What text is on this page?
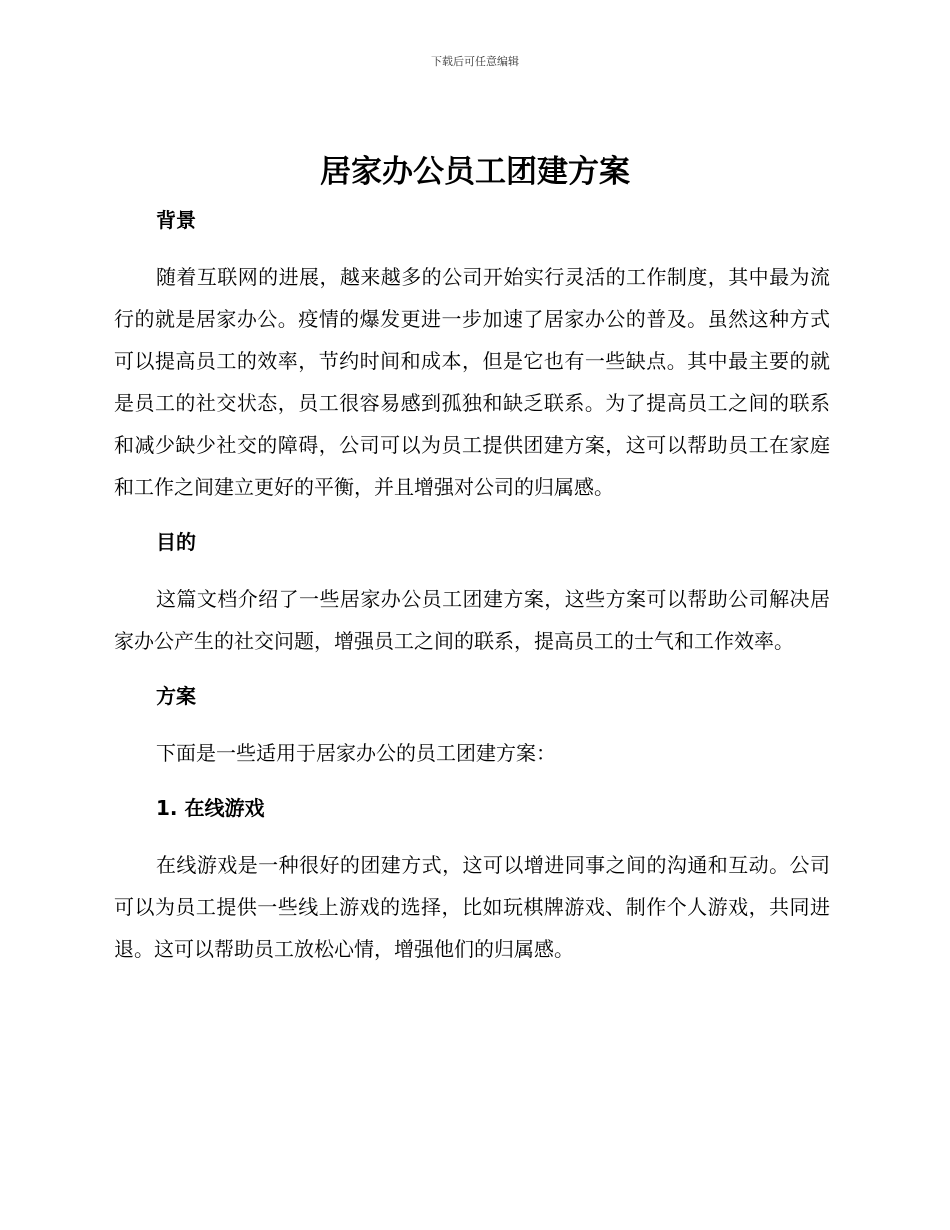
下载后可任意编辑
居家办公员工团建方案
背景

随着互联网的进展，越来越多的公司开始实行灵活的工作制度，其中最为流行的就是居家办公。疫情的爆发更进一步加速了居家办公的普及。虽然这种方式可以提高员工的效率，节约时间和成本，但是它也有一些缺点。其中最主要的就是员工的社交状态，员工很容易感到孤独和缺乏联系。为了提高员工之间的联系和减少缺少社交的障碍，公司可以为员工提供团建方案，这可以帮助员工在家庭和工作之间建立更好的平衡，并且增强对公司的归属感。

目的

这篇文档介绍了一些居家办公员工团建方案，这些方案可以帮助公司解决居家办公产生的社交问题，增强员工之间的联系，提高员工的士气和工作效率。

方案

下面是一些适用于居家办公的员工团建方案：

1. 在线游戏

在线游戏是一种很好的团建方式，这可以增进同事之间的沟通和互动。公司可以为员工提供一些线上游戏的选择，比如玩棋牌游戏、制作个人游戏，共同进退。这可以帮助员工放松心情，增强他们的归属感。
